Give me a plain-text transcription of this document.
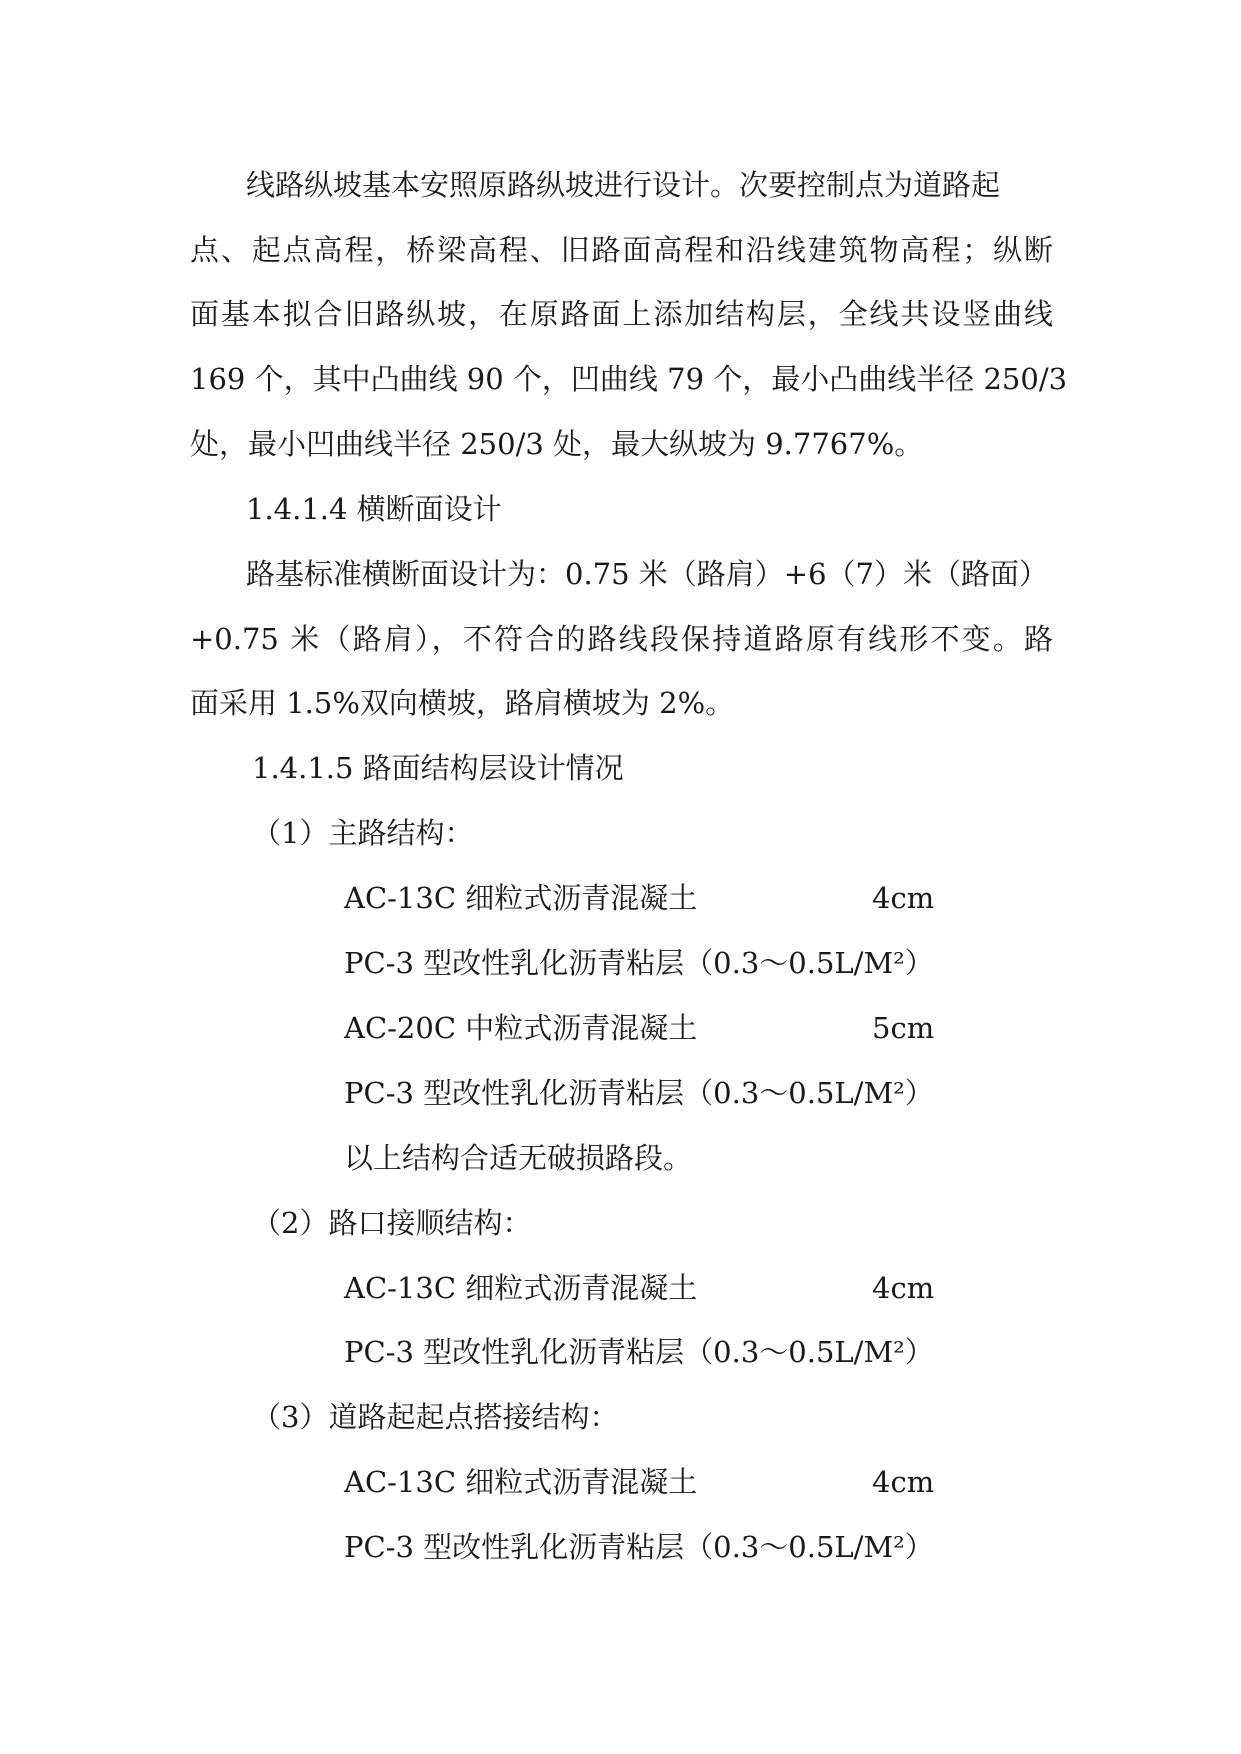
线路纵坡基本安照原路纵坡进行设计。次要控制点为道路起
点、起点高程，桥梁高程、旧路面高程和沿线建筑物高程；纵断
面基本拟合旧路纵坡，在原路面上添加结构层，全线共设竖曲线
169 个，其中凸曲线 90 个，凹曲线 79 个，最小凸曲线半径 250/3
处，最小凹曲线半径 250/3 处，最大纵坡为 9.7767%。
1.4.1.4 横断面设计
路基标准横断面设计为：0.75 米（路肩）+6（7）米（路面）
+0.75 米（路肩），不符合的路线段保持道路原有线形不变。路
面采用 1.5%双向横坡，路肩横坡为 2%。
1.4.1.5 路面结构层设计情况
（1）主路结构：
AC-13C 细粒式沥青混凝土	4cm
PC-3 型改性乳化沥青粘层（0.3～0.5L/M²）
AC-20C 中粒式沥青混凝土	5cm
PC-3 型改性乳化沥青粘层（0.3～0.5L/M²）
以上结构合适无破损路段。
（2）路口接顺结构：
AC-13C 细粒式沥青混凝土	4cm
PC-3 型改性乳化沥青粘层（0.3～0.5L/M²）
（3）道路起起点搭接结构：
AC-13C 细粒式沥青混凝土	4cm
PC-3 型改性乳化沥青粘层（0.3～0.5L/M²）
